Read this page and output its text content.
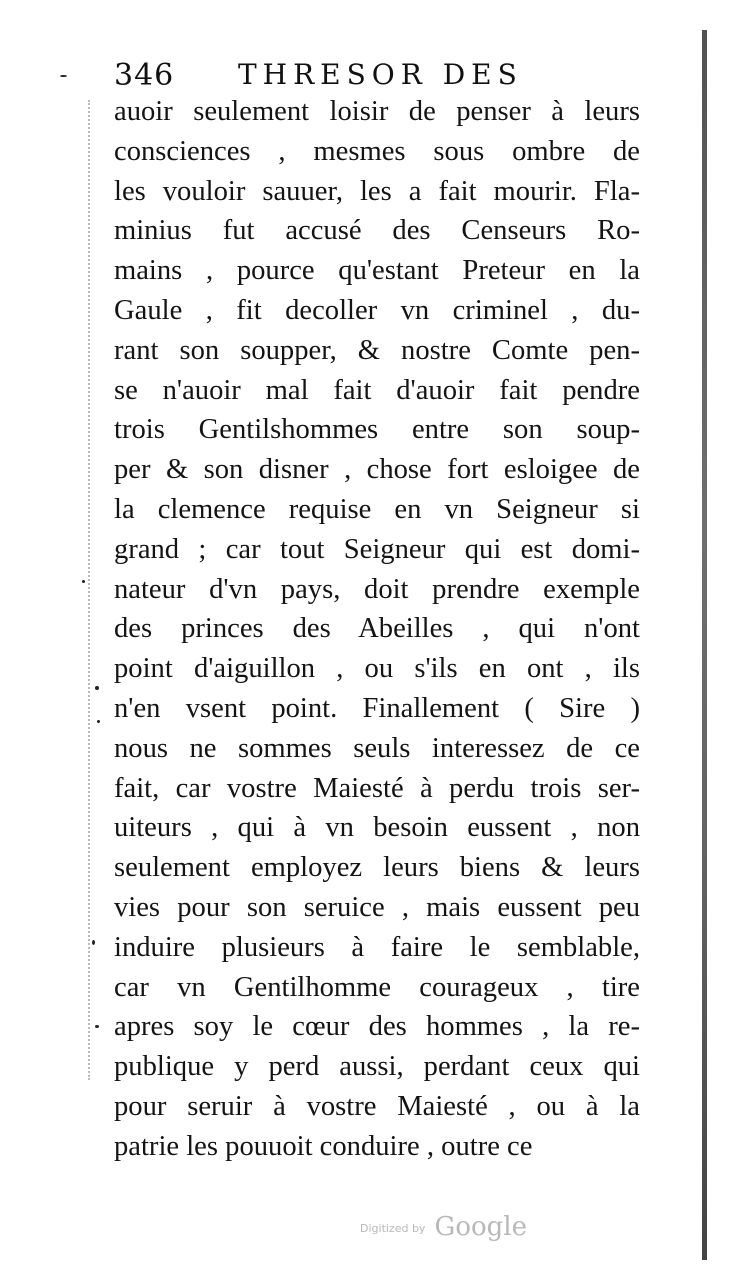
346 THRESOR DES
auoir seulement loisir de penser à leurs
consciences , mesmes sous ombre de
les vouloir sauuer, les a fait mourir. Fla-
minius fut accusé des Censeurs Ro-
mains , pource qu'estant Preteur en la
Gaule , fit decoller vn criminel , du-
rant son soupper, & nostre Comte pen-
se n'auoir mal fait d'auoir fait pendre
trois Gentilshommes entre son soup-
per & son disner , chose fort esloigee de
la clemence requise en vn Seigneur si
grand ; car tout Seigneur qui est domi-
nateur d'vn pays, doit prendre exemple
des princes des Abeilles , qui n'ont
point d'aiguillon , ou s'ils en ont , ils
n'en vsent point. Finallement ( Sire )
nous ne sommes seuls interessez de ce
fait, car vostre Maiesté à perdu trois ser-
uiteurs , qui à vn besoin eussent , non
seulement employez leurs biens & leurs
vies pour son seruice , mais eussent peu
induire plusieurs à faire le semblable,
car vn Gentilhomme courageux , tire
apres soy le cœur des hommes , la re-
publique y perd aussi, perdant ceux qui
pour seruir à vostre Maiesté , ou à la
patrie les pouuoit conduire , outre ce
Digitized by Google
